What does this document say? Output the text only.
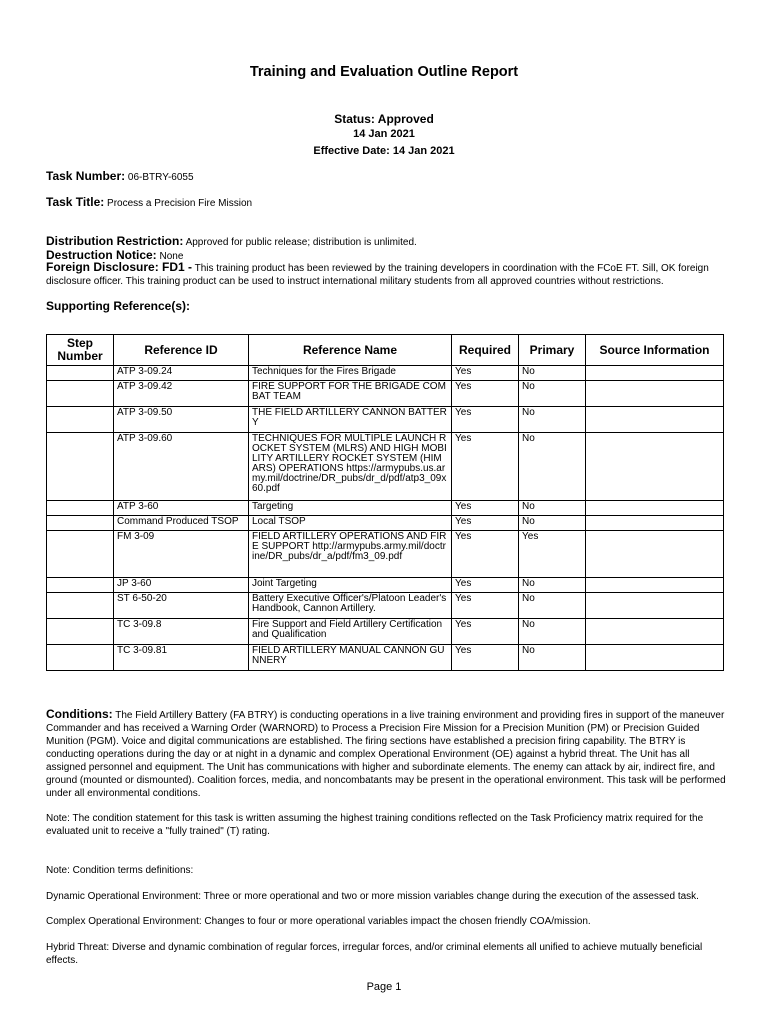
Training and Evaluation Outline Report
Status: Approved
14 Jan 2021
Effective Date: 14 Jan 2021
Task Number: 06-BTRY-6055
Task Title: Process a Precision Fire Mission
Distribution Restriction: Approved for public release; distribution is unlimited.
Destruction Notice: None
Foreign Disclosure: FD1 - This training product has been reviewed by the training developers in coordination with the FCoE FT. Sill, OK foreign disclosure officer. This training product can be used to instruct international military students from all approved countries without restrictions.
Supporting Reference(s):
Step Number	Reference ID	Reference Name	Required	Primary	Source Information
	ATP 3-09.24	Techniques for the Fires Brigade	Yes	No	
	ATP 3-09.42	FIRE SUPPORT FOR THE BRIGADE COMBAT TEAM	Yes	No	
	ATP 3-09.50	THE FIELD ARTILLERY CANNON BATTERY	Yes	No	
	ATP 3-09.60	TECHNIQUES FOR MULTIPLE LAUNCH ROCKET SYSTEM (MLRS) AND HIGH MOBILITY ARTILLERY ROCKET SYSTEM (HIMARS) OPERATIONS https://armypubs.us.army.mil/doctrine/DR_pubs/dr_d/pdf/atp3_09x60.pdf	Yes	No	
	ATP 3-60	Targeting	Yes	No	
	Command Produced TSOP	Local TSOP	Yes	No	
	FM 3-09	FIELD ARTILLERY OPERATIONS AND FIRE SUPPORT http://armypubs.army.mil/doctrine/DR_pubs/dr_a/pdf/fm3_09.pdf	Yes	Yes	
	JP 3-60	Joint Targeting	Yes	No	
	ST 6-50-20	Battery Executive Officer's/Platoon Leader's Handbook, Cannon Artillery.	Yes	No	
	TC 3-09.8	Fire Support and Field Artillery Certification and Qualification	Yes	No	
	TC 3-09.81	FIELD ARTILLERY MANUAL CANNON GUNNERY	Yes	No	
Conditions: The Field Artillery Battery (FA BTRY) is conducting operations in a live training environment and providing fires in support of the maneuver Commander and has received a Warning Order (WARNORD) to Process a Precision Fire Mission for a Precision Munition (PM) or Precision Guided Munition (PGM). Voice and digital communications are established. The firing sections have established a precision firing capability. The BTRY is conducting operations during the day or at night in a dynamic and complex Operational Environment (OE) against a hybrid threat. The Unit has all assigned personnel and equipment. The Unit has communications with higher and subordinate elements. The enemy can attack by air, indirect fire, and ground (mounted or dismounted). Coalition forces, media, and noncombatants may be present in the operational environment. This task will be performed under all environmental conditions.
Note: The condition statement for this task is written assuming the highest training conditions reflected on the Task Proficiency matrix required for the evaluated unit to receive a "fully trained" (T) rating.
Note: Condition terms definitions:
Dynamic Operational Environment: Three or more operational and two or more mission variables change during the execution of the assessed task.
Complex Operational Environment: Changes to four or more operational variables impact the chosen friendly COA/mission.
Hybrid Threat: Diverse and dynamic combination of regular forces, irregular forces, and/or criminal elements all unified to achieve mutually beneficial effects.
Page 1
